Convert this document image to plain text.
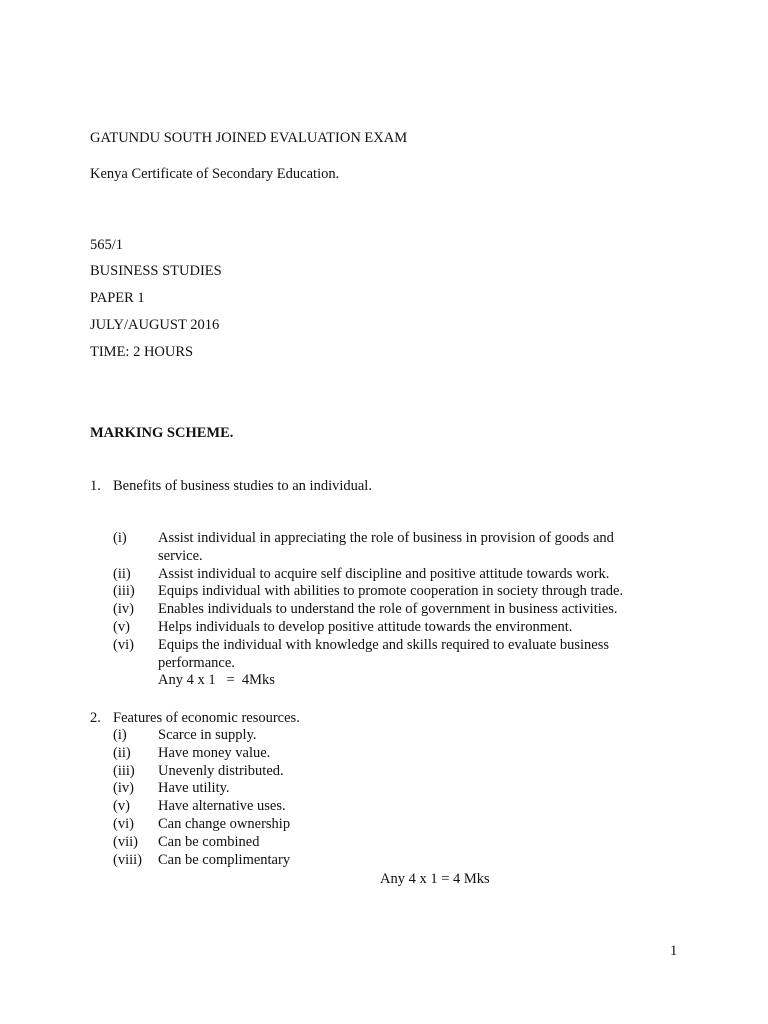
GATUNDU SOUTH JOINED EVALUATION EXAM
Kenya Certificate of Secondary Education.
565/1
BUSINESS STUDIES
PAPER 1
JULY/AUGUST 2016
TIME: 2 HOURS
MARKING SCHEME.
1. Benefits of business studies to an individual.
(i) Assist individual in appreciating the role of business in provision of goods and service.
(ii) Assist individual to acquire self discipline and positive attitude towards work.
(iii) Equips individual with abilities to promote cooperation in society through trade.
(iv) Enables individuals to understand the role of government in business activities.
(v) Helps individuals to develop positive attitude towards the environment.
(vi) Equips the individual with knowledge and skills required to evaluate business performance.
Any 4 x 1   =  4Mks
2. Features of economic resources.
(i) Scarce in supply.
(ii) Have money value.
(iii) Unevenly distributed.
(iv) Have utility.
(v) Have alternative uses.
(vi) Can change ownership
(vii) Can be combined
(viii) Can be complimentary
Any 4 x 1 = 4 Mks
1
